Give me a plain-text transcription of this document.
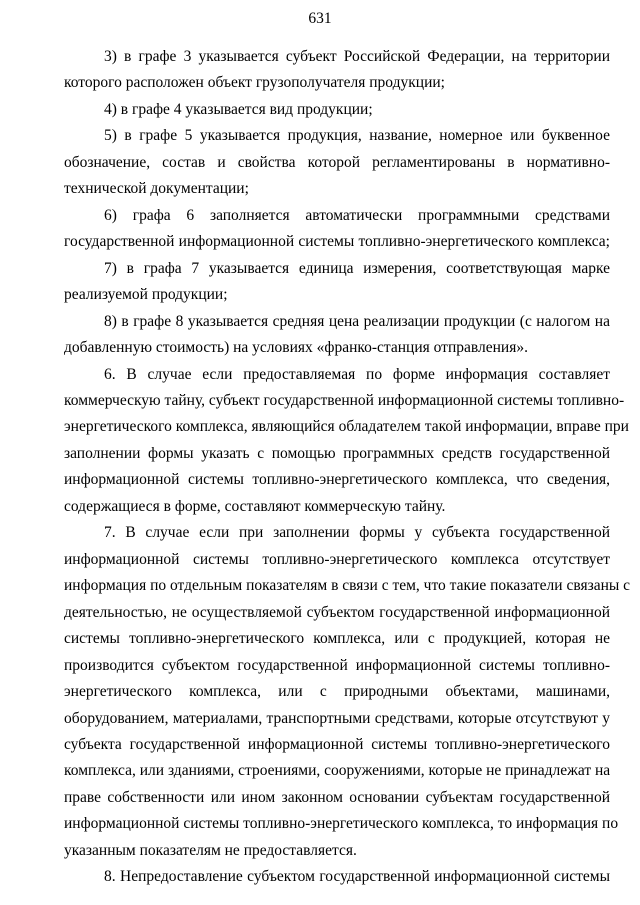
631
3) в графе 3 указывается субъект Российской Федерации, на территории
которого расположен объект грузополучателя продукции;
4) в графе 4 указывается вид продукции;
5) в графе 5 указывается продукция, название, номерное или буквенное
обозначение, состав и свойства которой регламентированы в нормативно-
технической документации;
6) графа 6 заполняется автоматически программными средствами
государственной информационной системы топливно-энергетического комплекса;
7) в графа 7 указывается единица измерения, соответствующая марке
реализуемой продукции;
8) в графе 8 указывается средняя цена реализации продукции (с налогом на
добавленную стоимость) на условиях «франко-станция отправления».
6. В случае если предоставляемая по форме информация составляет
коммерческую тайну, субъект государственной информационной системы топливно-
энергетического комплекса, являющийся обладателем такой информации, вправе при
заполнении формы указать с помощью программных средств государственной
информационной системы топливно-энергетического комплекса, что сведения,
содержащиеся в форме, составляют коммерческую тайну.
7. В случае если при заполнении формы у субъекта государственной
информационной системы топливно-энергетического комплекса отсутствует
информация по отдельным показателям в связи с тем, что такие показатели связаны с
деятельностью, не осуществляемой субъектом государственной информационной
системы топливно-энергетического комплекса, или с продукцией, которая не
производится субъектом государственной информационной системы топливно-
энергетического комплекса, или с природными объектами, машинами,
оборудованием, материалами, транспортными средствами, которые отсутствуют у
субъекта государственной информационной системы топливно-энергетического
комплекса, или зданиями, строениями, сооружениями, которые не принадлежат на
праве собственности или ином законном основании субъектам государственной
информационной системы топливно-энергетического комплекса, то информация по
указанным показателям не предоставляется.
8. Непредоставление субъектом государственной информационной системы
